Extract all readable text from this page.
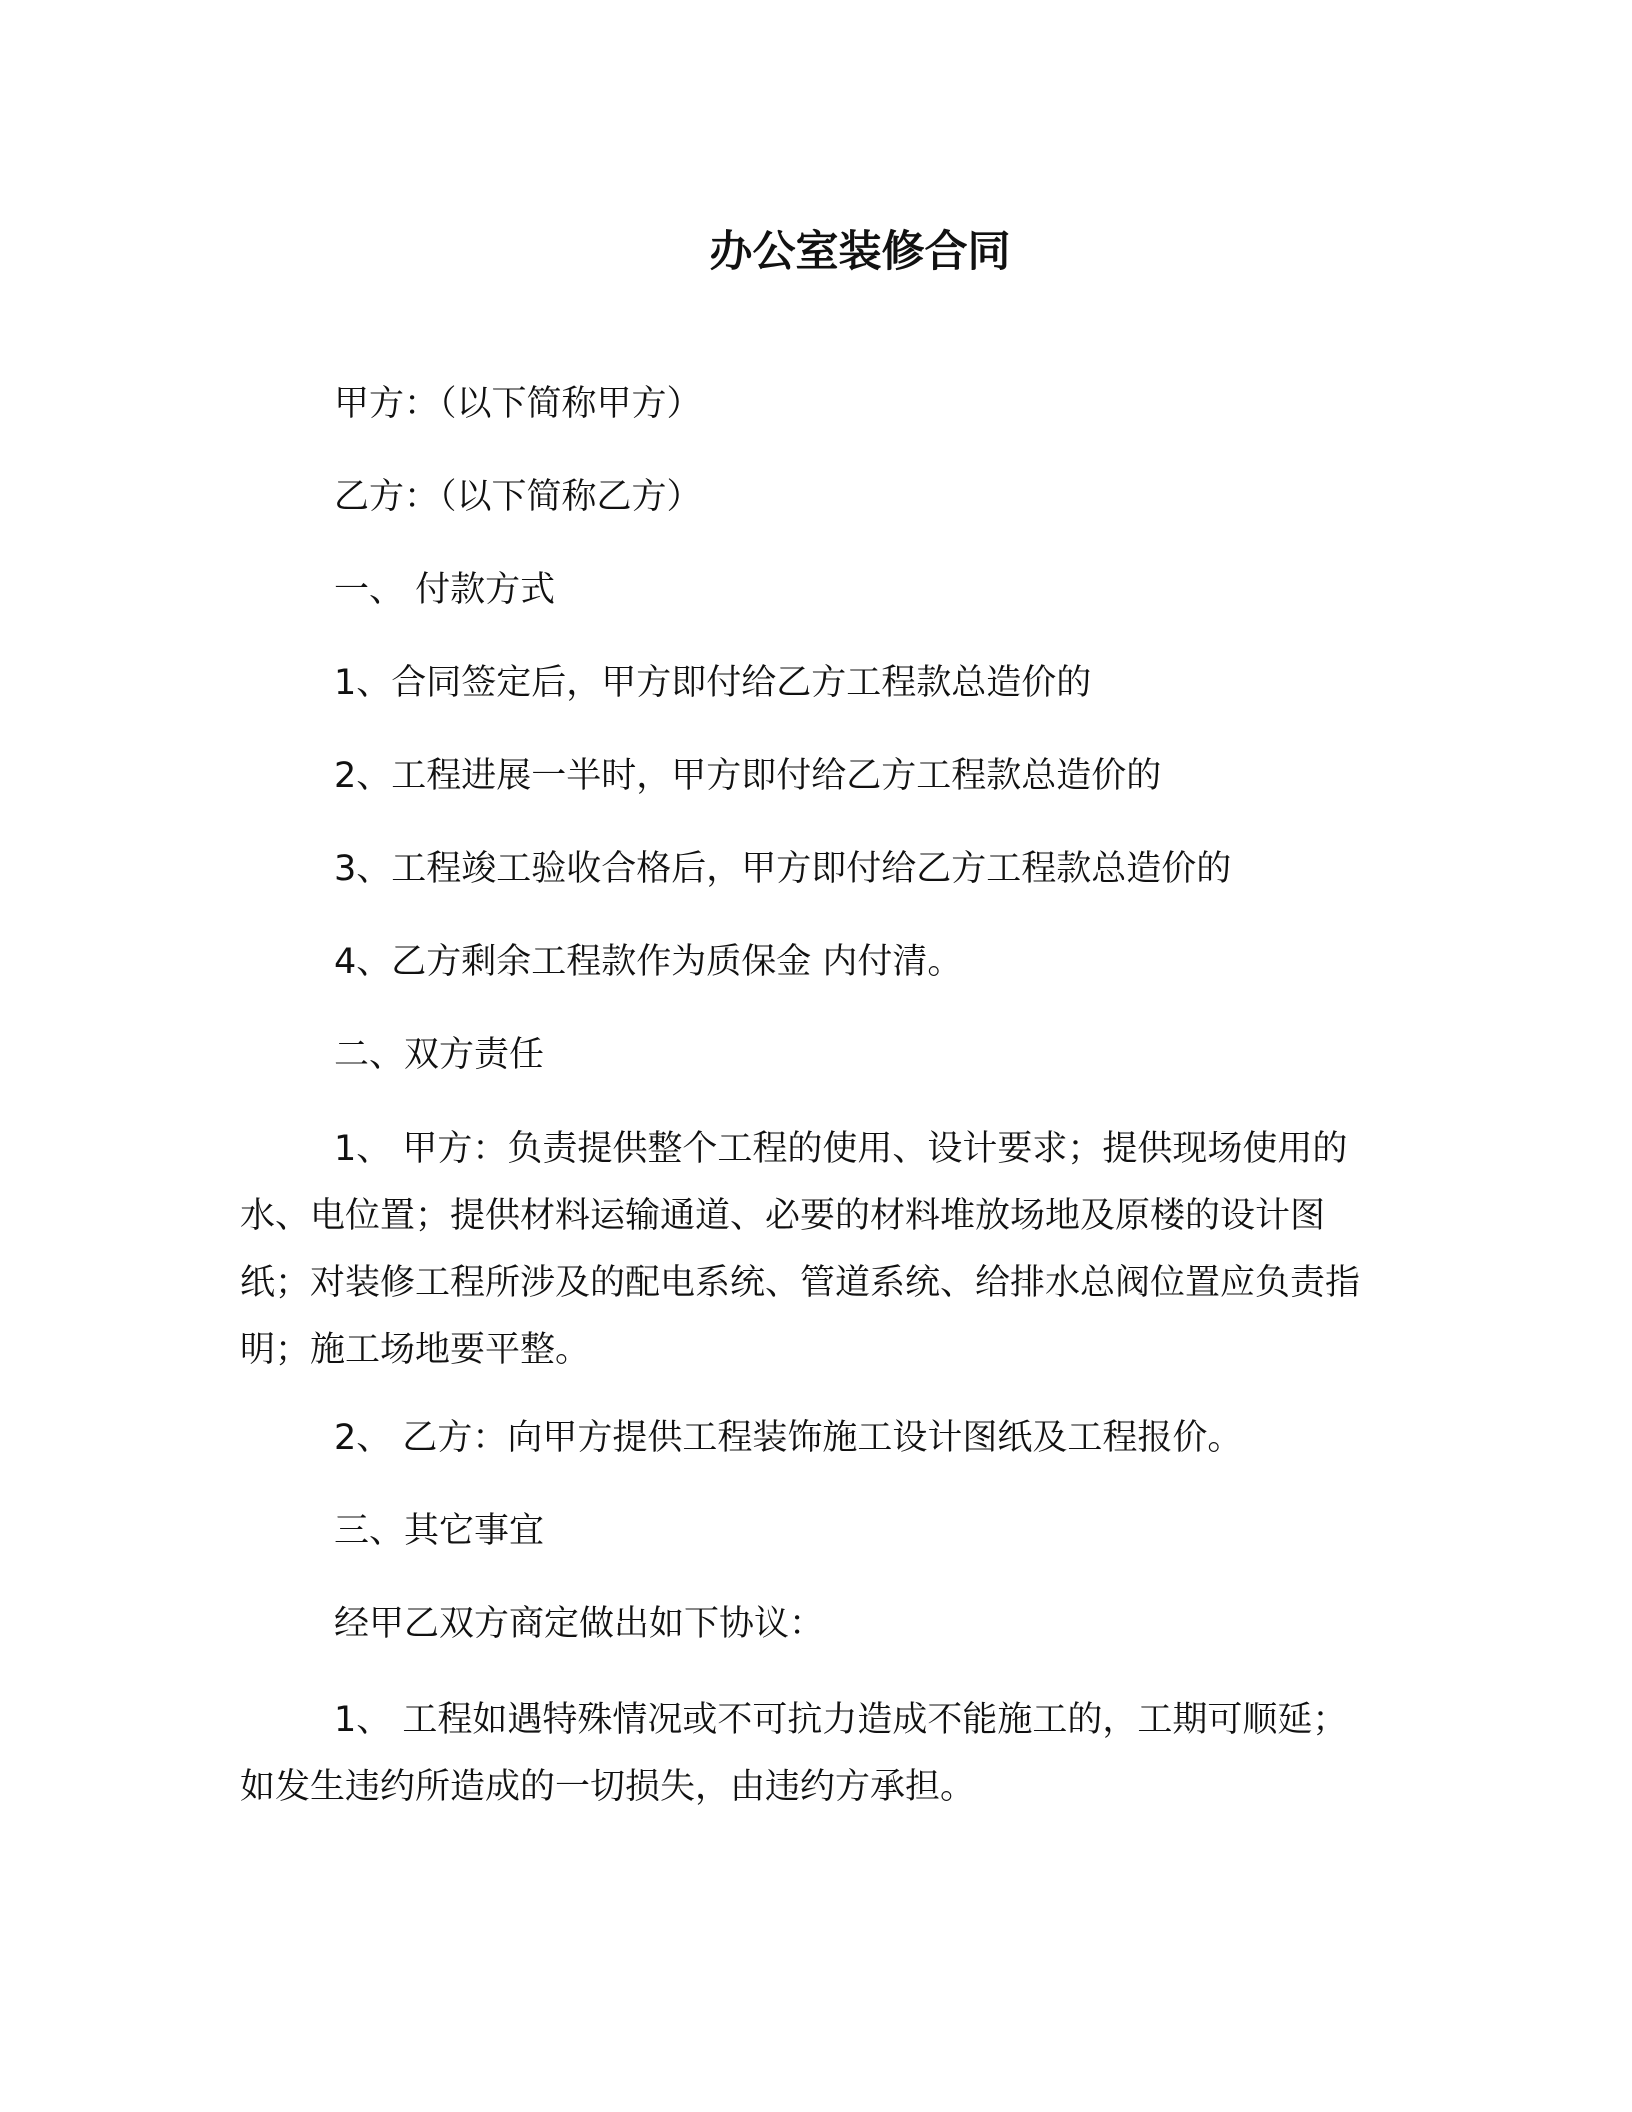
办公室装修合同
甲方：（以下简称甲方）
乙方：（以下简称乙方）
一、 付款方式
1、合同签定后，甲方即付给乙方工程款总造价的
2、工程进展一半时，甲方即付给乙方工程款总造价的
3、工程竣工验收合格后，甲方即付给乙方工程款总造价的
4、乙方剩余工程款作为质保金 内付清。
二、双方责任
1、 甲方：负责提供整个工程的使用、设计要求；提供现场使用的水、电位置；提供材料运输通道、必要的材料堆放场地及原楼的设计图纸；对装修工程所涉及的配电系统、管道系统、给排水总阀位置应负责指明；施工场地要平整。
2、 乙方：向甲方提供工程装饰施工设计图纸及工程报价。
三、其它事宜
经甲乙双方商定做出如下协议：
1、 工程如遇特殊情况或不可抗力造成不能施工的，工期可顺延；如发生违约所造成的一切损失，由违约方承担。
